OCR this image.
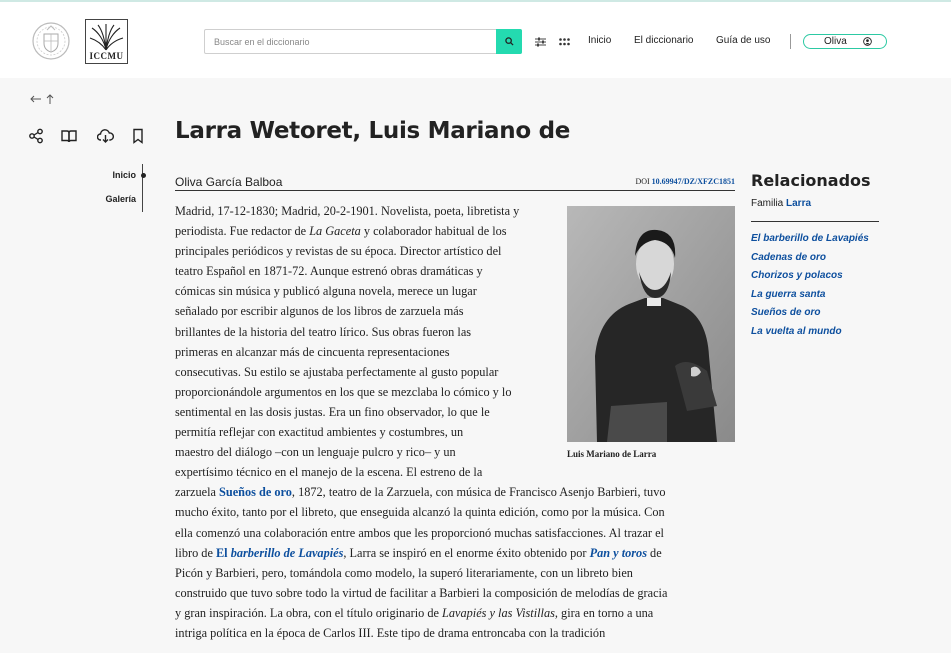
ICCMU
Buscar en el diccionario
Inicio El diccionario Guía de uso	Oliva
Larra Wetoret, Luis Mariano de
Inicio
Galería
Oliva García Balboa	DOI 10.69947/DZ/XFZC1851
Luis Mariano de Larra
Madrid, 17-12-1830; Madrid, 20-2-1901. Novelista, poeta, libretista y
periodista. Fue redactor de La Gaceta y colaborador habitual de los
principales periódicos y revistas de su época. Director artístico del
teatro Español en 1871-72. Aunque estrenó obras dramáticas y
cómicas sin música y publicó alguna novela, merece un lugar
señalado por escribir algunos de los libros de zarzuela más
brillantes de la historia del teatro lírico. Sus obras fueron las
primeras en alcanzar más de cincuenta representaciones
consecutivas. Su estilo se ajustaba perfectamente al gusto popular
proporcionándole argumentos en los que se mezclaba lo cómico y lo
sentimental en las dosis justas. Era un fino observador, lo que le
permitía reflejar con exactitud ambientes y costumbres, un
maestro del diálogo –con un lenguaje pulcro y rico– y un
expertísimo técnico en el manejo de la escena. El estreno de la
zarzuela Sueños de oro, 1872, teatro de la Zarzuela, con música de Francisco Asenjo Barbieri, tuvo
mucho éxito, tanto por el libreto, que enseguida alcanzó la quinta edición, como por la música. Con
ella comenzó una colaboración entre ambos que les proporcionó muchas satisfacciones. Al trazar el
libro de El barberillo de Lavapiés, Larra se inspiró en el enorme éxito obtenido por Pan y toros de
Picón y Barbieri, pero, tomándola como modelo, la superó literariamente, con un libreto bien
construido que tuvo sobre todo la virtud de facilitar a Barbieri la composición de melodías de gracia
y gran inspiración. La obra, con el título originario de Lavapiés y las Vistillas, gira en torno a una
intriga política en la época de Carlos III. Este tipo de drama entroncaba con la tradición
Relacionados
Familia Larra
El barberillo de Lavapiés
Cadenas de oro
Chorizos y polacos
La guerra santa
Sueños de oro
La vuelta al mundo
